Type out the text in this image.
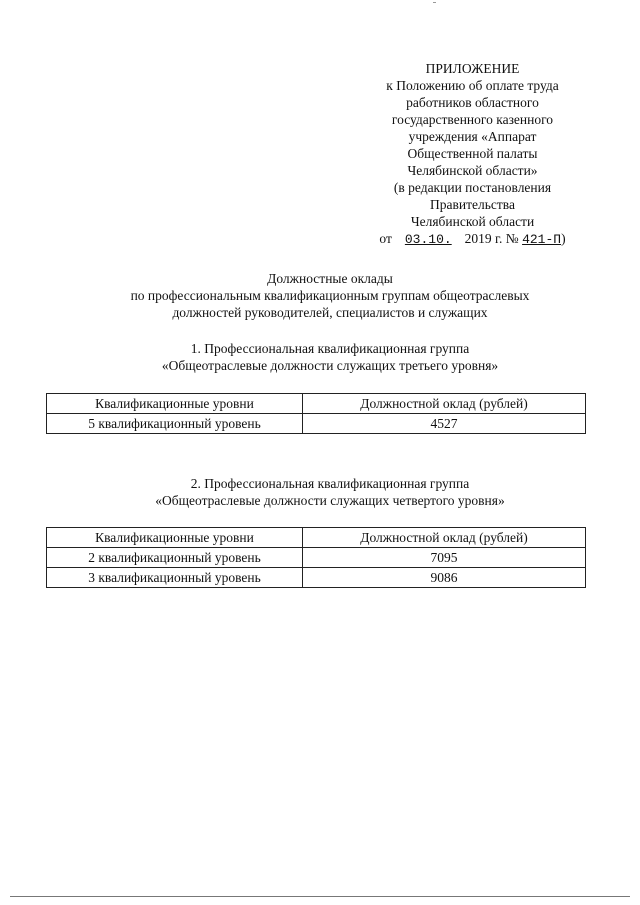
ПРИЛОЖЕНИЕ
к Положению об оплате труда
работников областного
государственного казенного
учреждения «Аппарат
Общественной палаты
Челябинской области»
(в редакции постановления
Правительства
Челябинской области
от 03.10. 2019 г. № 421-П)
Должностные оклады
по профессиональным квалификационным группам общеотраслевых
должностей руководителей, специалистов и служащих
1. Профессиональная квалификационная группа
«Общеотраслевые должности служащих третьего уровня»
Квалификационные уровни	Должностной оклад (рублей)
5 квалификационный уровень	4527
2. Профессиональная квалификационная группа
«Общеотраслевые должности служащих четвертого уровня»
Квалификационные уровни	Должностной оклад (рублей)
2 квалификационный уровень	7095
3 квалификационный уровень	9086
